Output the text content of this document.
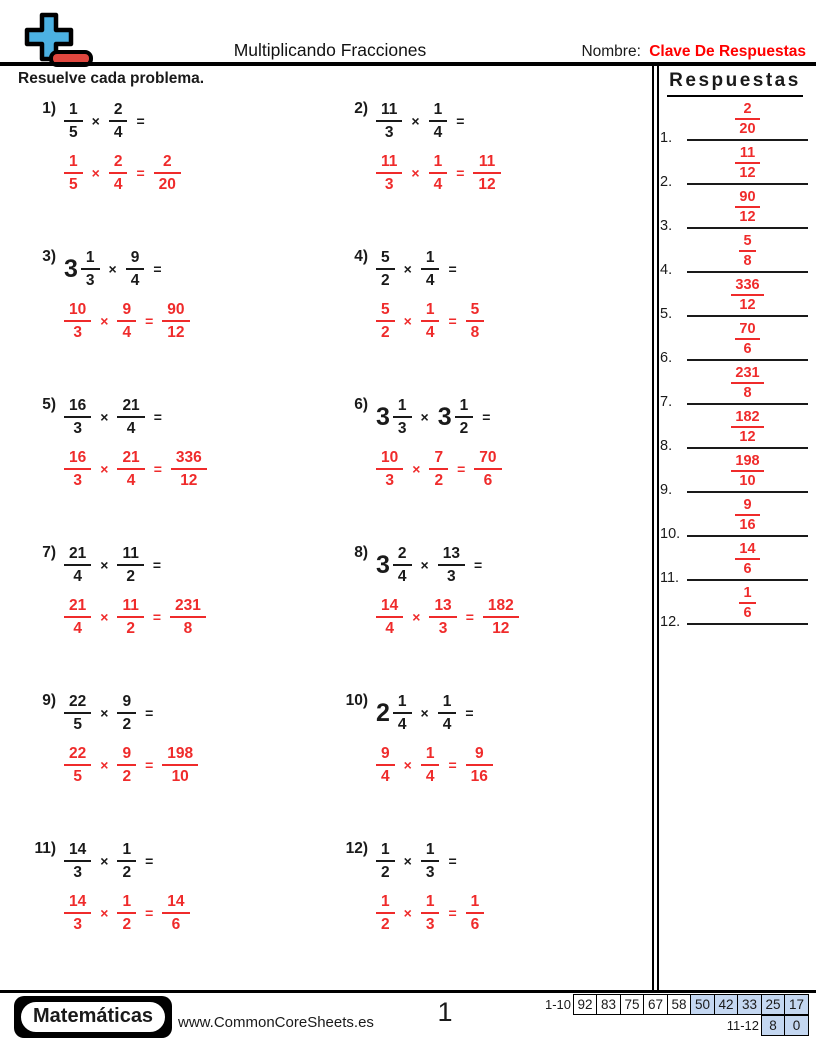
Multiplicando Fracciones	Nombre: Clave De Respuestas
Resuelve cada problema.
$1) \frac{1}{5} \times \frac{2}{4}$ =
$\frac{1}{5} \times \frac{2}{4} = \frac{2}{20}$
$2) \frac{11}{3} \times \frac{1}{4}$ =
$\frac{11}{3} \times \frac{1}{4} = \frac{11}{12}$
3) $3 \frac{1}{3} \times \frac{9}{4}$ =
$\frac{10}{3} \times \frac{9}{4} = \frac{90}{12}$
$4) \frac{5}{2} \times \frac{1}{4}$ =
$\frac{5}{2} \times \frac{1}{4} = \frac{5}{8}$
$5) \frac{16}{3} \times \frac{21}{4}$ =
$\frac{16}{3} \times \frac{21}{4} = \frac{336}{12}$
6) $3 \frac{1}{3} \times 3 \frac{1}{2}$ =
$\frac{10}{3} \times \frac{7}{2} = \frac{70}{6}$
$7) \frac{21}{4} \times \frac{11}{2}$ =
$\frac{21}{4} \times \frac{11}{2} = \frac{231}{8}$
8) $3 \frac{2}{4} \times \frac{13}{3}$ =
$\frac{14}{4} \times \frac{13}{3} = \frac{182}{12}$
$9) \frac{22}{5} \times \frac{9}{2}$ =
$\frac{22}{5} \times \frac{9}{2} = \frac{198}{10}$
10) $2 \frac{1}{4} \times \frac{1}{4}$ =
$\frac{9}{4} \times \frac{1}{4} = \frac{9}{16}$
$11) \frac{14}{3} \times \frac{1}{2}$ =
$\frac{14}{3} \times \frac{1}{2} = \frac{14}{6}$
$12) \frac{1}{2} \times \frac{1}{3}$ =
$\frac{1}{2} \times \frac{1}{3} = \frac{1}{6}$
Respuestas
1.
$\frac{2}{20}$
2.
$\frac{11}{12}$
3.
$\frac{90}{12}$
4.
$\frac{5}{8}$
5.
$\frac{336}{12}$
6.
$\frac{70}{6}$
7.
$\frac{231}{8}$
8.
$\frac{182}{12}$
9.
$\frac{198}{10}$
10.
$\frac{9}{16}$
11.
$\frac{14}{6}$
12.
$\frac{1}{6}$
Matemáticas	www.CommonCoreSheets.es	1	1-10 92 83 75 67 58 50 42 33 25 17
11-12 8	0
